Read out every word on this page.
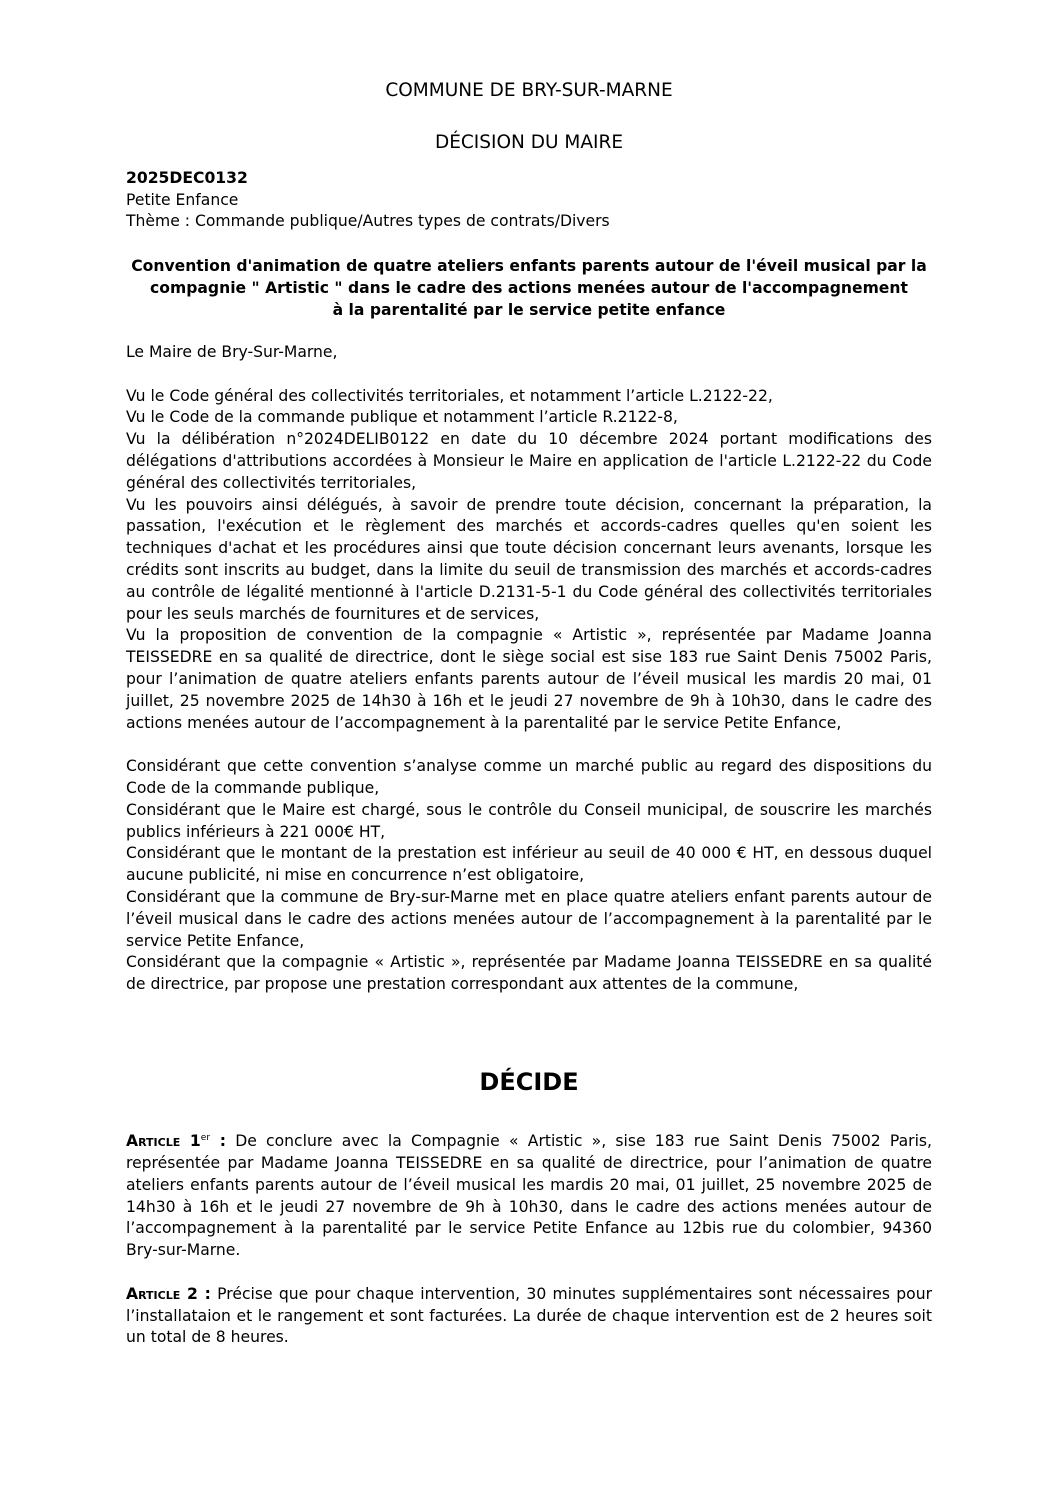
COMMUNE DE BRY-SUR-MARNE
DÉCISION DU MAIRE
2025DEC0132
Petite Enfance
Thème : Commande publique/Autres types de contrats/Divers
Convention d'animation de quatre ateliers enfants parents autour de l'éveil musical par la
compagnie " Artistic " dans le cadre des actions menées autour de l'accompagnement
à la parentalité par le service petite enfance

Le Maire de Bry-Sur-Marne,

Vu le Code général des collectivités territoriales, et notamment l’article L.2122-22,

Vu le Code de la commande publique et notamment l’article R.2122-8,

Vu la délibération n°2024DELIB0122 en date du 10 décembre 2024 portant modifications des délégations d'attributions accordées à Monsieur le Maire en application de l'article L.2122-22 du Code général des collectivités territoriales,

Vu les pouvoirs ainsi délégués, à savoir de prendre toute décision, concernant la préparation, la passation, l'exécution et le règlement des marchés et accords-cadres quelles qu'en soient les techniques d'achat et les procédures ainsi que toute décision concernant leurs avenants, lorsque les crédits sont inscrits au budget, dans la limite du seuil de transmission des marchés et accords-cadres au contrôle de légalité mentionné à l'article D.2131-5-1 du Code général des collectivités territoriales pour les seuls marchés de fournitures et de services,

Vu la proposition de convention de la compagnie « Artistic », représentée par Madame Joanna TEISSEDRE en sa qualité de directrice, dont le siège social est sise 183 rue Saint Denis 75002 Paris, pour l’animation de quatre ateliers enfants parents autour de l’éveil musical les mardis 20 mai, 01 juillet, 25 novembre 2025 de 14h30 à 16h et le jeudi 27 novembre de 9h à 10h30, dans le cadre des actions menées autour de l’accompagnement à la parentalité par le service Petite Enfance,

Considérant que cette convention s’analyse comme un marché public au regard des dispositions du Code de la commande publique,

Considérant que le Maire est chargé, sous le contrôle du Conseil municipal, de souscrire les marchés publics inférieurs à 221 000€ HT,

Considérant que le montant de la prestation est inférieur au seuil de 40 000 € HT, en dessous duquel aucune publicité, ni mise en concurrence n’est obligatoire,

Considérant que la commune de Bry-sur-Marne met en place quatre ateliers enfant parents autour de l’éveil musical dans le cadre des actions menées autour de l’accompagnement à la parentalité par le service Petite Enfance,

Considérant que la compagnie « Artistic », représentée par Madame Joanna TEISSEDRE en sa qualité de directrice, par propose une prestation correspondant aux attentes de la commune,

DÉCIDE

Article 1er : De conclure avec la Compagnie « Artistic », sise 183 rue Saint Denis 75002 Paris, représentée par Madame Joanna TEISSEDRE en sa qualité de directrice, pour l’animation de quatre ateliers enfants parents autour de l’éveil musical les mardis 20 mai, 01 juillet, 25 novembre 2025 de 14h30 à 16h et le jeudi 27 novembre de 9h à 10h30, dans le cadre des actions menées autour de l’accompagnement à la parentalité par le service Petite Enfance au 12bis rue du colombier, 94360 Bry-sur-Marne.

Article 2 : Précise que pour chaque intervention, 30 minutes supplémentaires sont nécessaires pour l’installataion et le rangement et sont facturées. La durée de chaque intervention est de 2 heures soit un total de 8 heures.
